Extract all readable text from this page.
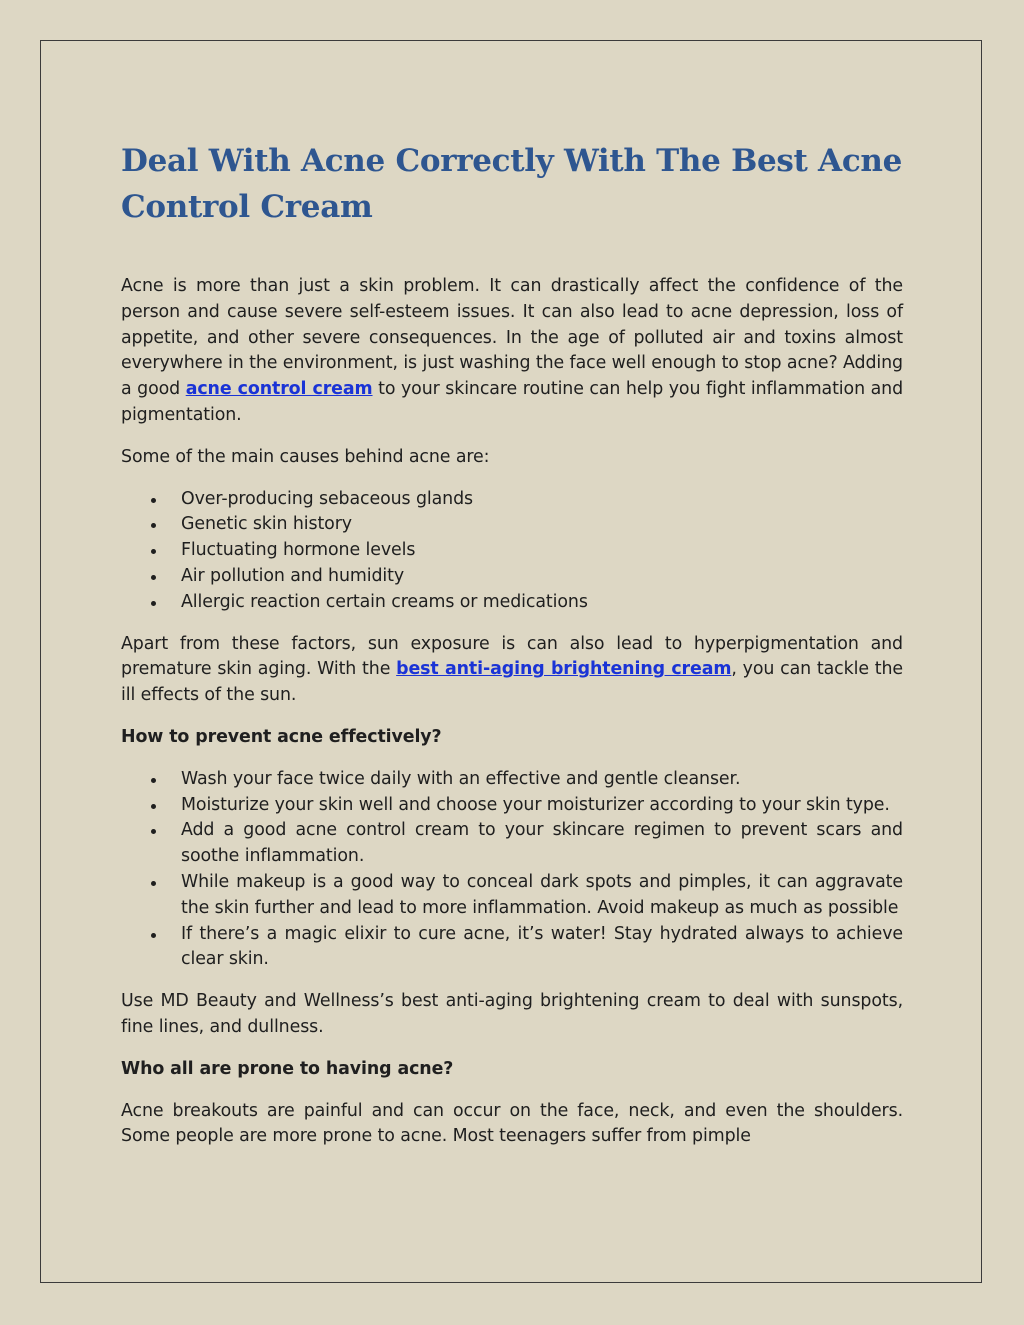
Deal With Acne Correctly With The Best Acne Control Cream

Acne is more than just a skin problem. It can drastically affect the confidence of the person and cause severe self-esteem issues. It can also lead to acne depression, loss of appetite, and other severe consequences. In the age of polluted air and toxins almost everywhere in the environment, is just washing the face well enough to stop acne? Adding a good acne control cream to your skincare routine can help you fight inflammation and pigmentation.

Some of the main causes behind acne are:

Over-producing sebaceous glands
Genetic skin history
Fluctuating hormone levels
Air pollution and humidity
Allergic reaction certain creams or medications

Apart from these factors, sun exposure is can also lead to hyperpigmentation and premature skin aging. With the best anti-aging brightening cream, you can tackle the ill effects of the sun.

How to prevent acne effectively?
Wash your face twice daily with an effective and gentle cleanser.
Moisturize your skin well and choose your moisturizer according to your skin type.
Add a good acne control cream to your skincare regimen to prevent scars and soothe inflammation.
While makeup is a good way to conceal dark spots and pimples, it can aggravate the skin further and lead to more inflammation. Avoid makeup as much as possible
If there’s a magic elixir to cure acne, it’s water! Stay hydrated always to achieve clear skin.

Use MD Beauty and Wellness’s best anti-aging brightening cream to deal with sunspots, fine lines, and dullness.

Who all are prone to having acne?

Acne breakouts are painful and can occur on the face, neck, and even the shoulders. Some people are more prone to acne. Most teenagers suffer from pimple
